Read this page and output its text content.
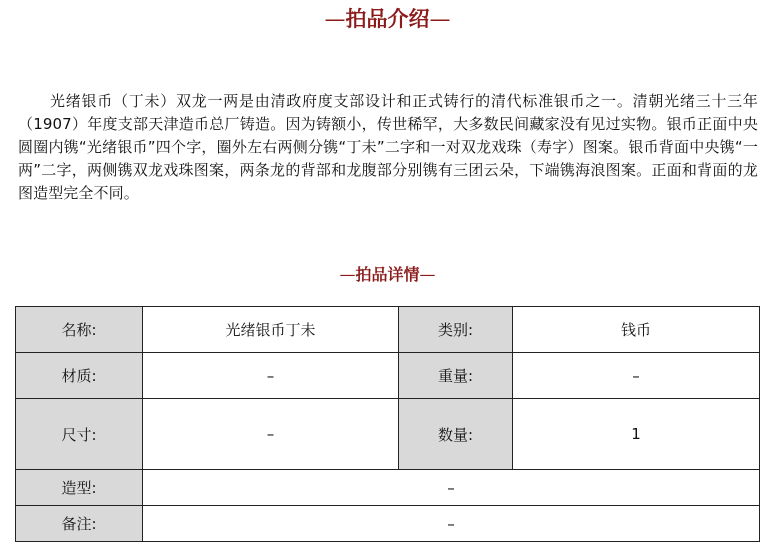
—拍品介绍—

光绪银币（丁未）双龙一两是由清政府度支部设计和正式铸行的清代标准银币之一。清朝光绪三十三年（1907）年度支部天津造币总厂铸造。因为铸额小，传世稀罕，大多数民间藏家没有见过实物。银币正面中央圆圈内镌“光绪银币”四个字，圈外左右两侧分镌“丁未”二字和一对双龙戏珠（寿字）图案。银币背面中央镌“一两”二字，两侧镌双龙戏珠图案，两条龙的背部和龙腹部分别镌有三团云朵，下端镌海浪图案。正面和背面的龙图造型完全不同。

—拍品详情—
名称:	光绪银币丁未	类别:	钱币
材质:	–	重量:	–
尺寸:	–	数量:	1
造型:	–		
备注:	–		
